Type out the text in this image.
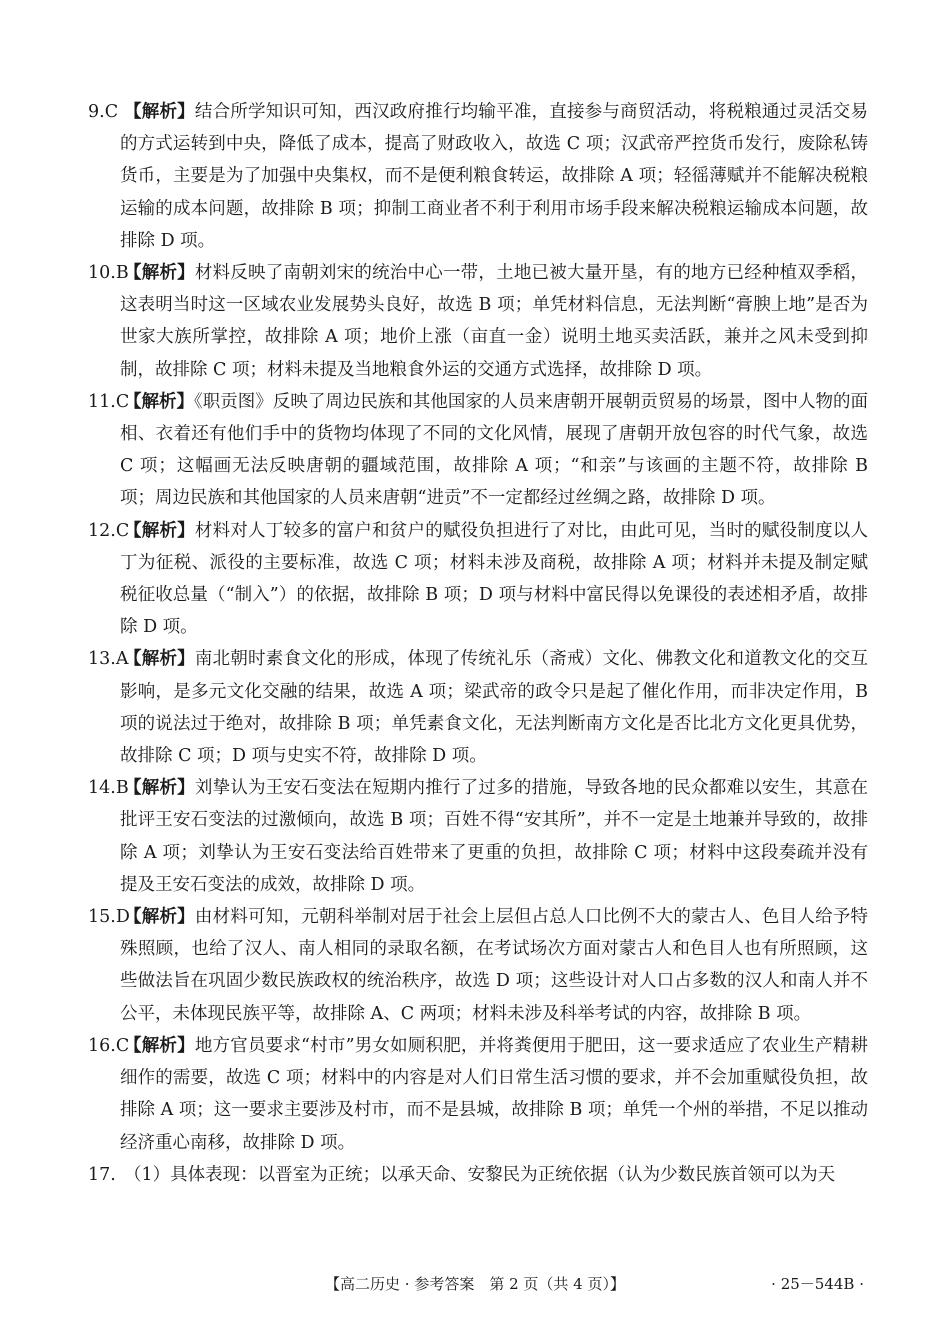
9.C 【解析】结合所学知识可知，西汉政府推行均输平准，直接参与商贸活动，将税粮通过灵活交易的方式运转到中央，降低了成本，提高了财政收入，故选 C 项；汉武帝严控货币发行，废除私铸货币，主要是为了加强中央集权，而不是便利粮食转运，故排除 A 项；轻徭薄赋并不能解决税粮运输的成本问题，故排除 B 项；抑制工商业者不利于利用市场手段来解决税粮运输成本问题，故排除 D 项。
10.B
【解析】材料反映了南朝刘宋的统治中心一带，土地已被大量开垦，有的地方已经种植双季稻，这表明当时这一区域农业发展势头良好，故选 B 项；单凭材料信息，无法判断“膏腴上地”是否为世家大族所掌控，故排除 A 项；地价上涨（亩直一金）说明土地买卖活跃，兼并之风未受到抑制，故排除 C 项；材料未提及当地粮食外运的交通方式选择，故排除 D 项。
11.C
【解析】《职贡图》反映了周边民族和其他国家的人员来唐朝开展朝贡贸易的场景，图中人物的面相、衣着还有他们手中的货物均体现了不同的文化风情，展现了唐朝开放包容的时代气象，故选 C 项；这幅画无法反映唐朝的疆域范围，故排除 A 项；“和亲”与该画的主题不符，故排除 B 项；周边民族和其他国家的人员来唐朝“进贡”不一定都经过丝绸之路，故排除 D 项。
12.C
【解析】材料对人丁较多的富户和贫户的赋役负担进行了对比，由此可见，当时的赋役制度以人丁为征税、派役的主要标准，故选 C 项；材料未涉及商税，故排除 A 项；材料并未提及制定赋税征收总量（“制入”）的依据，故排除 B 项；D 项与材料中富民得以免课役的表述相矛盾，故排除 D 项。
13.A
【解析】南北朝时素食文化的形成，体现了传统礼乐（斋戒）文化、佛教文化和道教文化的交互影响，是多元文化交融的结果，故选 A 项；梁武帝的政令只是起了催化作用，而非决定作用，B 项的说法过于绝对，故排除 B 项；单凭素食文化，无法判断南方文化是否比北方文化更具优势，故排除 C 项；D 项与史实不符，故排除 D 项。
14.B
【解析】刘挚认为王安石变法在短期内推行了过多的措施，导致各地的民众都难以安生，其意在批评王安石变法的过激倾向，故选 B 项；百姓不得“安其所”，并不一定是土地兼并导致的，故排除 A 项；刘挚认为王安石变法给百姓带来了更重的负担，故排除 C 项；材料中这段奏疏并没有提及王安石变法的成效，故排除 D 项。
15.D
【解析】由材料可知，元朝科举制对居于社会上层但占总人口比例不大的蒙古人、色目人给予特殊照顾，也给了汉人、南人相同的录取名额，在考试场次方面对蒙古人和色目人也有所照顾，这些做法旨在巩固少数民族政权的统治秩序，故选 D 项；这些设计对人口占多数的汉人和南人并不公平，未体现民族平等，故排除 A、C 两项；材料未涉及科举考试的内容，故排除 B 项。
16.C
【解析】地方官员要求“村市”男女如厕积肥，并将粪便用于肥田，这一要求适应了农业生产精耕细作的需要，故选 C 项；材料中的内容是对人们日常生活习惯的要求，并不会加重赋役负担，故排除 A 项；这一要求主要涉及村市，而不是县城，故排除 B 项；单凭一个州的举措，不足以推动经济重心南移，故排除 D 项。
17. （1）具体表现：以晋室为正统；以承天命、安黎民为正统依据（认为少数民族首领可以为天
【高二历史 · 参考答案　第 2 页（共 4 页）】	· 25－544B ·
